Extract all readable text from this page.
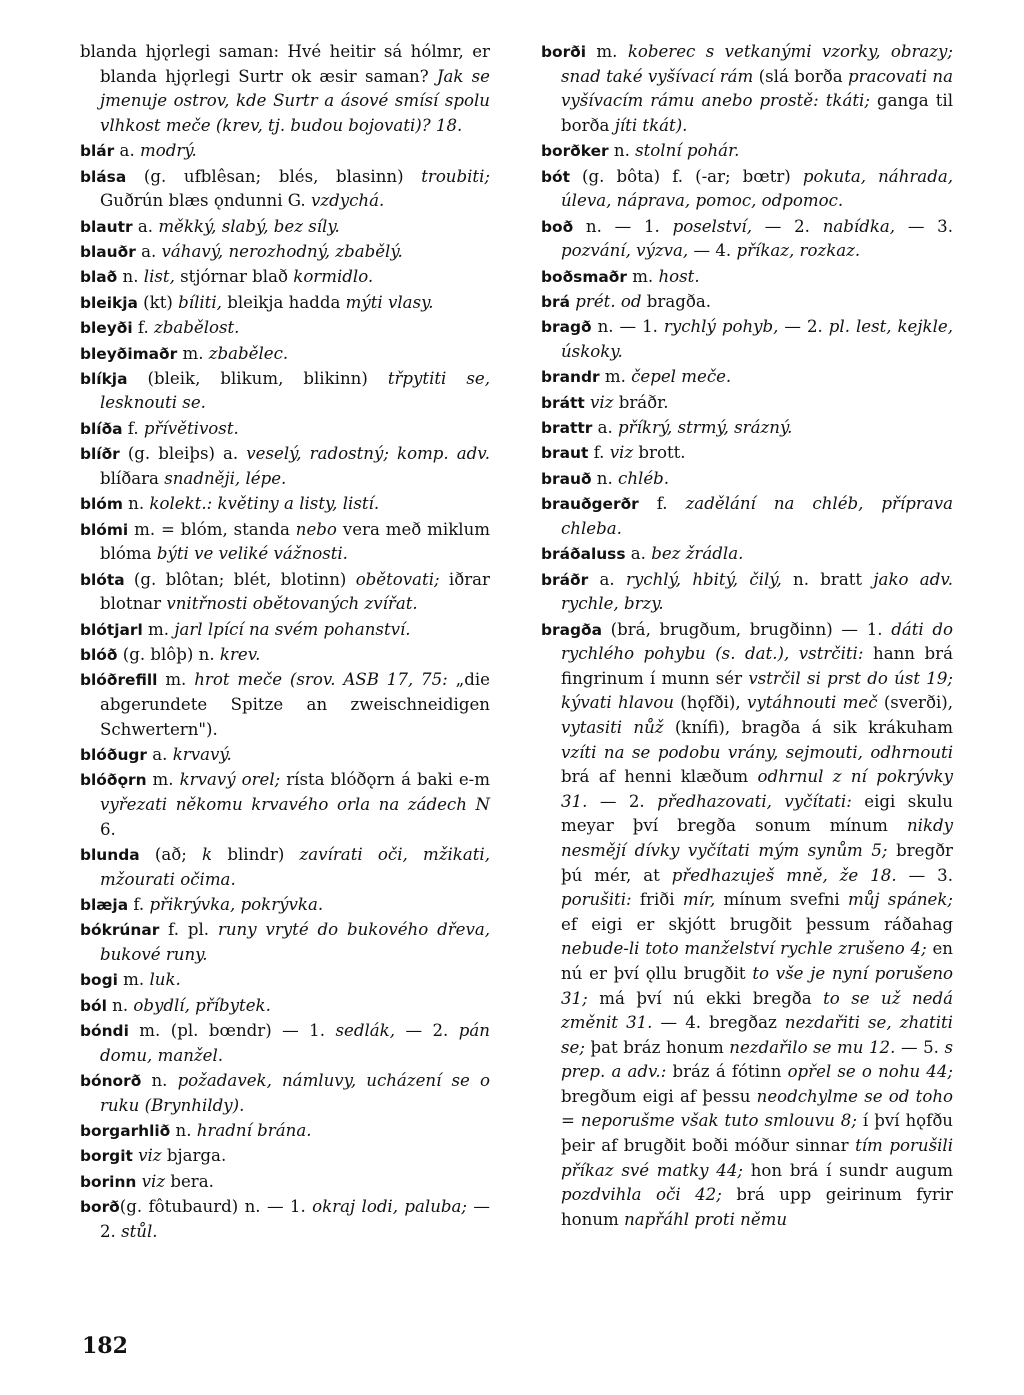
blanda hjǫrlegi saman: Hvé heitir sá hólmr, er blanda hjǫrlegi Surtr ok æsir saman? Jak se jmenuje ostrov, kde Surtr a ásové smísí spolu vlhkost meče (krev, tj. budou bojovati)? 18.
blár a. modrý.
blása (g. ufblêsan; blés, blasinn) troubiti; Guðrún blæs ǫndunni G. vzdychá.
blautr a. měkký, slabý, bez síly.
blauðr a. váhavý, nerozhodný, zbabělý.
blað n. list, stjórnar blað kormidlo.
bleikja (kt) bíliti, bleikja hadda mýti vlasy.
bleyði f. zbabělost.
bleyðimaðr m. zbabělec.
blíkja (bleik, blikum, blikinn) třpytiti se, lesknouti se.
blíða f. přívětivost.
blíðr (g. bleiþs) a. veselý, radostný; komp. adv. blíðara snadněji, lépe.
blóm n. kolekt.: květiny a listy, listí.
blómi m. = blóm, standa nebo vera með miklum blóma býti ve veliké vážnosti.
blóta (g. blôtan; blét, blotinn) obětovati; iðrar blotnar vnitřnosti obětovaných zvířat.
blótjarl m. jarl lpící na svém pohanství.
blóð (g. blôþ) n. krev.
blóðrefill m. hrot meče (srov. ASB 17, 75: „die abgerundete Spitze an zweischneidigen Schwertern").
blóðugr a. krvavý.
blóðǫrn m. krvavý orel; rísta blóðǫrn á baki e-m vyřezati někomu krvavého orla na zádech N 6.
blunda (að; k blindr) zavírati oči, mžikati, mžourati očima.
blæja f. přikrývka, pokrývka.
bókrúnar f. pl. runy vryté do bukového dřeva, bukové runy.
bogi m. luk.
ból n. obydlí, příbytek.
bóndi m. (pl. bœndr) — 1. sedlák, — 2. pán domu, manžel.
bónorð n. požadavek, námluvy, ucházení se o ruku (Brynhildy).
borgarhlið n. hradní brána.
borgit viz bjarga.
borinn viz bera.
borð(g. fôtubaurd) n. — 1. okraj lodi, paluba; — 2. stůl.
borði m. koberec s vetkanými vzorky, obrazy; snad také vyšívací rám (slá borða pracovati na vyšívacím rámu anebo prostě: tkáti; ganga til borða jíti tkát).
borðker n. stolní pohár.
bót (g. bôta) f. (-ar; bœtr) pokuta, náhrada, úleva, náprava, pomoc, odpomoc.
boð n. — 1. poselství, — 2. nabídka, — 3. pozvání, výzva, — 4. příkaz, rozkaz.
boðsmaðr m. host.
brá prét. od bragða.
bragð n. — 1. rychlý pohyb, — 2. pl. lest, kejkle, úskoky.
brandr m. čepel meče.
brátt viz bráðr.
brattr a. příkrý, strmý, srázný.
braut f. viz brott.
brauð n. chléb.
brauðgerðr f. zadělání na chléb, příprava chleba.
bráðaluss a. bez žrádla.
bráðr a. rychlý, hbitý, čilý, n. bratt jako adv. rychle, brzy.
bragða (brá, brugðum, brugðinn) — 1. dáti do rychlého pohybu (s. dat.), vstrčiti: hann brá fingrinum í munn sér vstrčil si prst do úst 19; kývati hlavou (hǫfði), vytáhnouti meč (sverði), vytasiti nůž (knífi), bragða á sik krákuham vzíti na se podobu vrány, sejmouti, odhrnouti brá af henni klæðum odhrnul z ní pokrývky 31. — 2. předhazovati, vyčítati: eigi skulu meyar því bregða sonum mínum nikdy nesmějí dívky vyčítati mým synům 5; bregðr þú mér, at předhazuješ mně, že 18. — 3. porušiti: friði mír, mínum svefni můj spánek; ef eigi er skjótt brugðit þessum ráðahag nebude-li toto manželství rychle zrušeno 4; en nú er því ǫllu brugðit to vše je nyní porušeno 31; má því nú ekki bregða to se už nedá změnit 31. — 4. bregðaz nezdařiti se, zhatiti se; þat bráz honum nezdařilo se mu 12. — 5. s prep. a adv.: bráz á fótinn opřel se o nohu 44; bregðum eigi af þessu neodchylme se od toho = neporušme však tuto smlouvu 8; í því hǫfðu þeir af brugðit boði móður sinnar tím porušili příkaz své matky 44; hon brá í sundr augum pozdvihla oči 42; brá upp geirinum fyrir honum napřáhl proti němu
182
